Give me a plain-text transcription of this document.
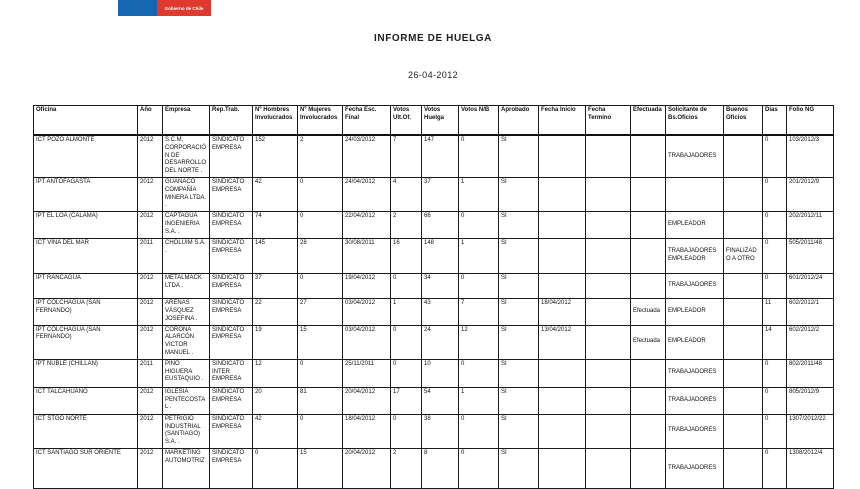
Gobierno de Chile
INFORME DE HUELGA
26-04-2012
Oficina	Año	Empresa	Rep.Trab.	Nº Hombres Involucrados	Nº Mujeres Involucrados	Fecha Esc. Final	Votos Ult.Of.	Votos Huelga	Votos N/B	Aprobado	Fecha Inicio	Fecha Termino	Efectuada	Solicitante de Bs.Oficios	Buenos Oficios	Días	Folio NG
ICT POZO ALMONTE	2012	S.C.M. CORPORACIÓN DE DESARROLLO DEL NORTE .	SINDICATO EMPRESA	152	2	24/03/2012	7	147	0	SI				TRABAJADORES		0	103/2012/3
IPT ANTOFAGASTA	2012	GUANACO COMPAÑÍA MINERA LTDA. .	SINDICATO EMPRESA	42	0	24/04/2012	4	37	1	SI						0	201/2012/9
IPT EL LOA (CALAMA)	2012	CAPTAGUA INGENIERIA S.A. .	SINDICATO EMPRESA	74	0	22/04/2012	2	66	0	SI				EMPLEADOR		0	202/2012/11
ICT VIÑA DEL MAR	2011	CHOLUIM S.A. .	SINDICATO EMPRESA	145	28	30/08/2011	16	148	1	SI				TRABAJADORES EMPLEADOR	FINALIZADO A OTRO	0	505/2011/48
IPT RANCAGUA	2012	METALMACK LTDA .	SINDICATO EMPRESA	37	0	19/04/2012	0	34	0	SI				TRABAJADORES		0	601/2012/24
IPT COLCHAGUA (SAN FERNANDO)	2012	ARENAS VÁSQUEZ JOSEFINA .	SINDICATO EMPRESA	22	27	03/04/2012	1	43	7	SI	18/04/2012		Efectuada	EMPLEADOR		11	602/2012/1
IPT COLCHAGUA (SAN FERNANDO)	2012	CORONA ALARCÓN VICTOR MANUEL .	SINDICATO EMPRESA	19	15	03/04/2012	0	24	12	SI	13/04/2012		Efectuada	EMPLEADOR		14	602/2012/2
IPT ÑUBLE (CHILLAN)	2011	PINO HIGUERA EUSTAQUIO .	SINDICATO INTER EMPRESA	12	0	25/11/2011	0	10	0	SI				TRABAJADORES		0	802/2011/48
ICT TALCAHUANO	2012	IGLESIA PENTECOSTAL .	SINDICATO EMPRESA	20	81	20/04/2012	17	54	1	SI				TRABAJADORES		0	805/2012/9
ICT STGO NORTE	2012	PETRIGIO INDUSTRIAL (SANTIAGO) S.A. .	SINDICATO EMPRESA	42	0	18/04/2012	0	38	0	SI				TRABAJADORES		0	1307/2012/22
ICT SANTIAGO SUR ORIENTE	2012	MARKETING AUTOMOTRIZ	SINDICATO EMPRESA	0	15	20/04/2012	2	8	0	SI				TRABAJADORES		0	1308/2012/4
